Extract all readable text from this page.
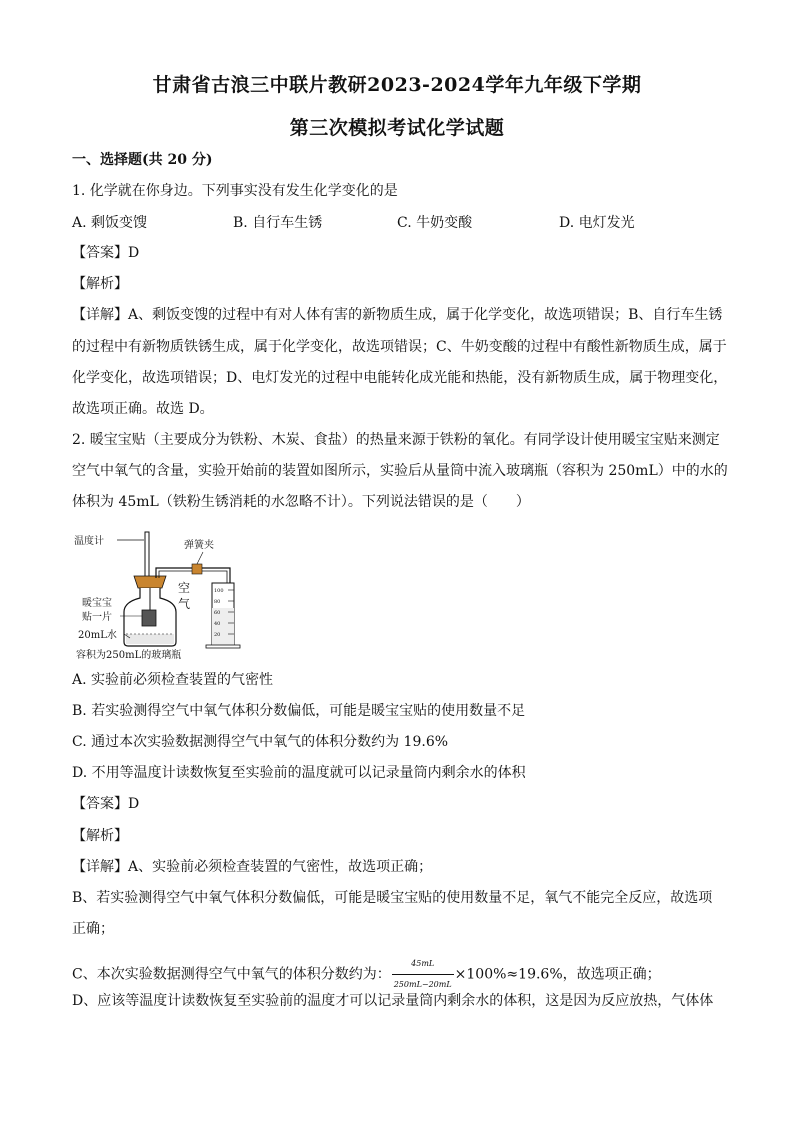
甘肃省古浪三中联片教研2023-2024学年九年级下学期
第三次模拟考试化学试题
一、选择题(共 20 分)
1. 化学就在你身边。下列事实没有发生化学变化的是
A. 剩饭变馊	B. 自行车生锈	C. 牛奶变酸	D. 电灯发光
【答案】D
【解析】
【详解】A、剩饭变馊的过程中有对人体有害的新物质生成，属于化学变化，故选项错误；B、自行车生锈
的过程中有新物质铁锈生成，属于化学变化，故选项错误；C、牛奶变酸的过程中有酸性新物质生成，属于
化学变化，故选项错误；D、电灯发光的过程中电能转化成光能和热能，没有新物质生成，属于物理变化，
故选项正确。故选 D。
2. 暖宝宝贴（主要成分为铁粉、木炭、食盐）的热量来源于铁粉的氧化。有同学设计使用暖宝宝贴来测定
空气中氧气的含量，实验开始前的装置如图所示，实验后从量筒中流入玻璃瓶（容积为 250mL）中的水的
体积为 45mL（铁粉生锈消耗的水忽略不计）。下列说法错误的是（　　）
温度计	弹簧夹
空
气
100
80
60
40
20
暖宝宝
贴一片
20mL水
容积为250mL的玻璃瓶
A. 实验前必须检查装置的气密性
B. 若实验测得空气中氧气体积分数偏低，可能是暖宝宝贴的使用数量不足
C. 通过本次实验数据测得空气中氧气的体积分数约为 19.6%
D. 不用等温度计读数恢复至实验前的温度就可以记录量筒内剩余水的体积
【答案】D
【解析】
【详解】A、实验前必须检查装置的气密性，故选项正确；
B、若实验测得空气中氧气体积分数偏低，可能是暖宝宝贴的使用数量不足，氧气不能完全反应，故选项
正确；
C、本次实验数据测得空气中氧气的体积分数约为： $\frac{45mL}{250mL-20mL} \times 100\%\approx 19.6\%$，故选项正确；
D、应该等温度计读数恢复至实验前的温度才可以记录量筒内剩余水的体积，这是因为反应放热，气体体
